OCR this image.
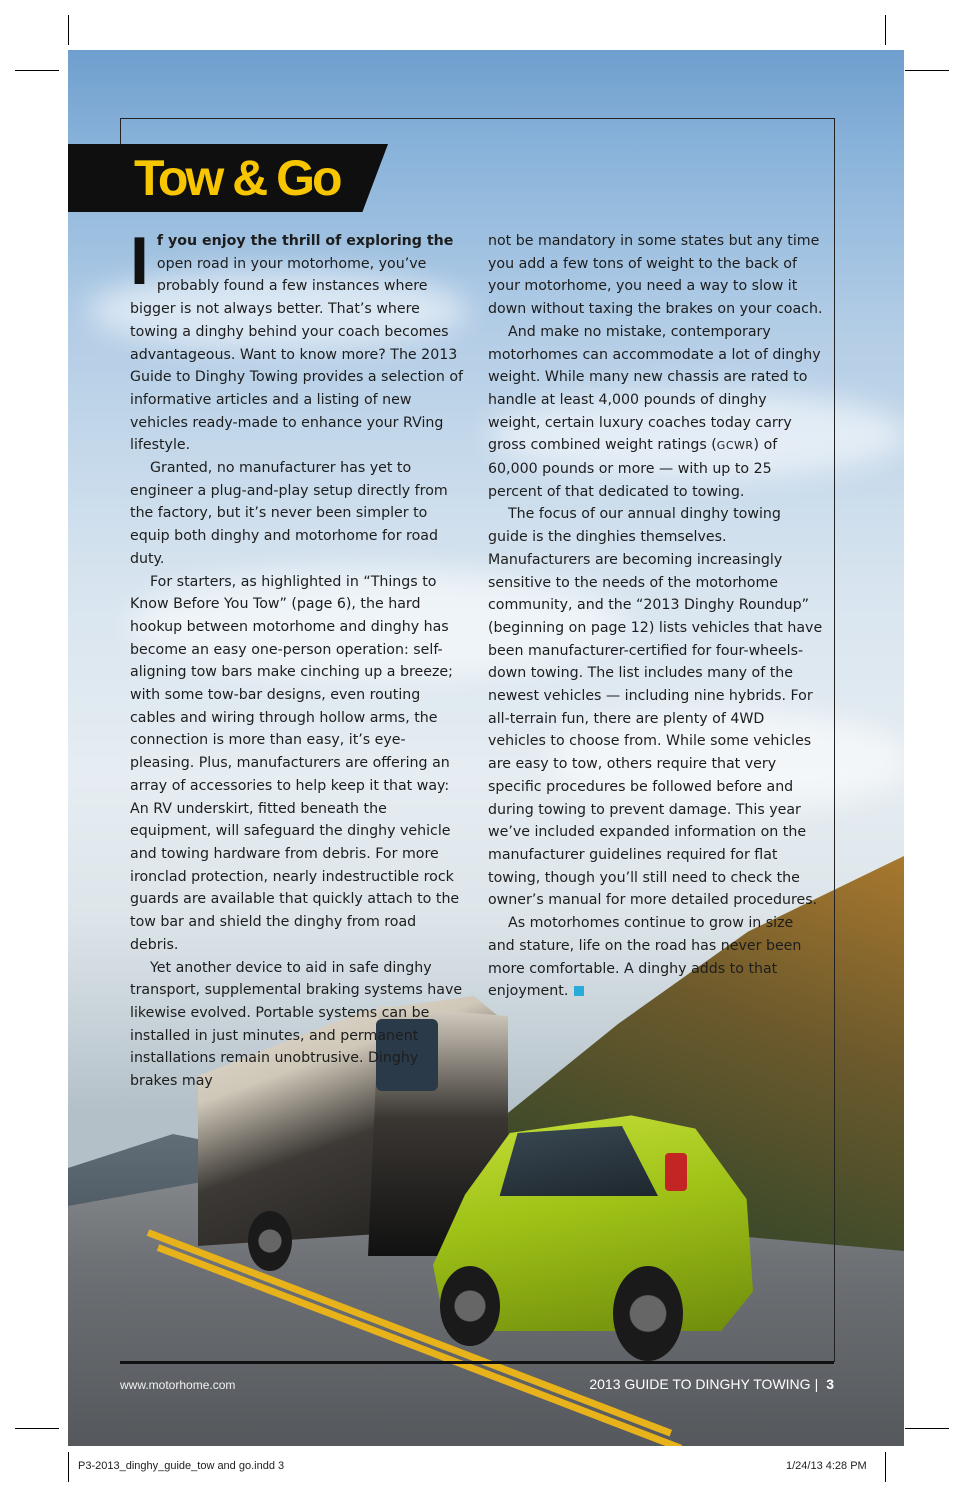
Tow & Go

If you enjoy the thrill of exploring the open road in your motorhome, you’ve probably found a few instances where bigger is not always better. That’s where towing a dinghy behind your coach becomes advantageous. Want to know more? The 2013 Guide to Dinghy Towing provides a selection of informative articles and a listing of new vehicles ready-made to enhance your RVing lifestyle.

Granted, no manufacturer has yet to engineer a plug-and-play setup directly from the factory, but it’s never been simpler to equip both dinghy and motorhome for road duty.

For starters, as highlighted in “Things to Know Before You Tow” (page 6), the hard hookup between motorhome and dinghy has become an easy one-person operation: self-aligning tow bars make cinching up a breeze; with some tow-bar designs, even routing cables and wiring through hollow arms, the connection is more than easy, it’s eye-pleasing. Plus, manufacturers are offering an array of accessories to help keep it that way: An RV underskirt, fitted beneath the equipment, will safeguard the dinghy vehicle and towing hardware from debris. For more ironclad protection, nearly indestructible rock guards are available that quickly attach to the tow bar and shield the dinghy from road debris.

Yet another device to aid in safe dinghy transport, supplemental braking systems have likewise evolved. Portable systems can be installed in just minutes, and permanent installations remain unobtrusive. Dinghy brakes may

not be mandatory in some states but any time you add a few tons of weight to the back of your motorhome, you need a way to slow it down without taxing the brakes on your coach.

And make no mistake, contemporary motorhomes can accommodate a lot of dinghy weight. While many new chassis are rated to handle at least 4,000 pounds of dinghy weight, certain luxury coaches today carry gross combined weight ratings (GCWR) of 60,000 pounds or more — with up to 25 percent of that dedicated to towing.

The focus of our annual dinghy towing guide is the dinghies themselves. Manufacturers are becoming increasingly sensitive to the needs of the motorhome community, and the “2013 Dinghy Roundup” (beginning on page 12) lists vehicles that have been manufacturer-certified for four-wheels-down towing. The list includes many of the newest vehicles — including nine hybrids. For all-terrain fun, there are plenty of 4WD vehicles to choose from. While some vehicles are easy to tow, others require that very specific procedures be followed before and during towing to prevent damage. This year we’ve included expanded information on the manufacturer guidelines required for flat towing, though you’ll still need to check the owner’s manual for more detailed procedures.

As motorhomes continue to grow in size and stature, life on the road has never been more comfortable. A dinghy adds to that enjoyment.

www.motorhome.com	2013 GUIDE TO DINGHY TOWING | 3
P3-2013_dinghy_guide_tow and go.indd 3	1/24/13 4:28 PM
